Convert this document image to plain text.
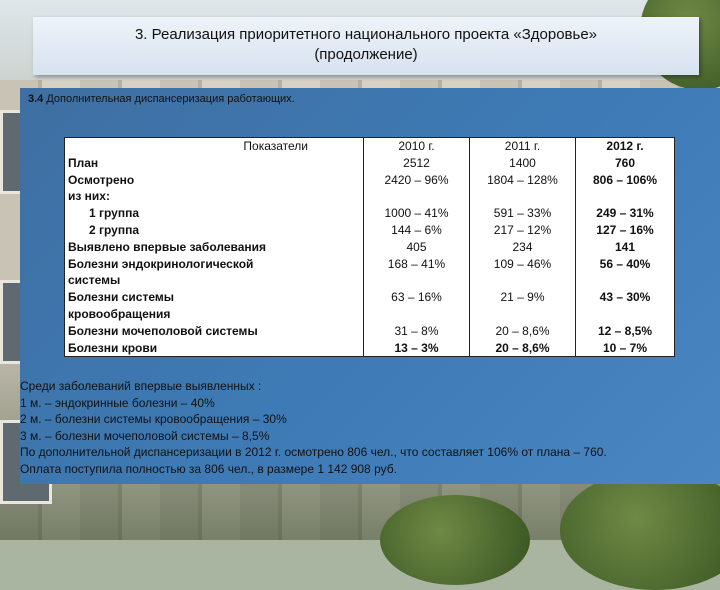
3. Реализация приоритетного национального проекта «Здоровье»
(продолжение)
3.4 Дополнительная диспансеризация работающих.
Показатели	2010 г.	2011 г.	2012 г.
План	2512	1400	760
Осмотрено	2420 – 96%	1804 – 128%	806 – 106%
из них:			
1 группа	1000 – 41%	591 – 33%	249 – 31%
2 группа	144 – 6%	217 – 12%	127 – 16%
Выявлено впервые заболевания	405	234	141
Болезни эндокринологической	168 – 41%	109 – 46%	56 – 40%
системы			
Болезни системы	63 – 16%	21 – 9%	43 – 30%
кровообращения			
Болезни мочеполовой системы	31 – 8%	20 – 8,6%	12 – 8,5%
Болезни крови	13 – 3%	20 – 8,6%	10 – 7%
Среди заболеваний впервые выявленных :
1 м. – эндокринные болезни – 40%
2 м. – болезни системы кровообращения – 30%
3 м. – болезни мочеполовой системы – 8,5%
По дополнительной диспансеризации в 2012 г. осмотрено 806 чел., что составляет 106% от плана – 760.
Оплата поступила полностью за 806 чел., в размере 1 142 908 руб.
